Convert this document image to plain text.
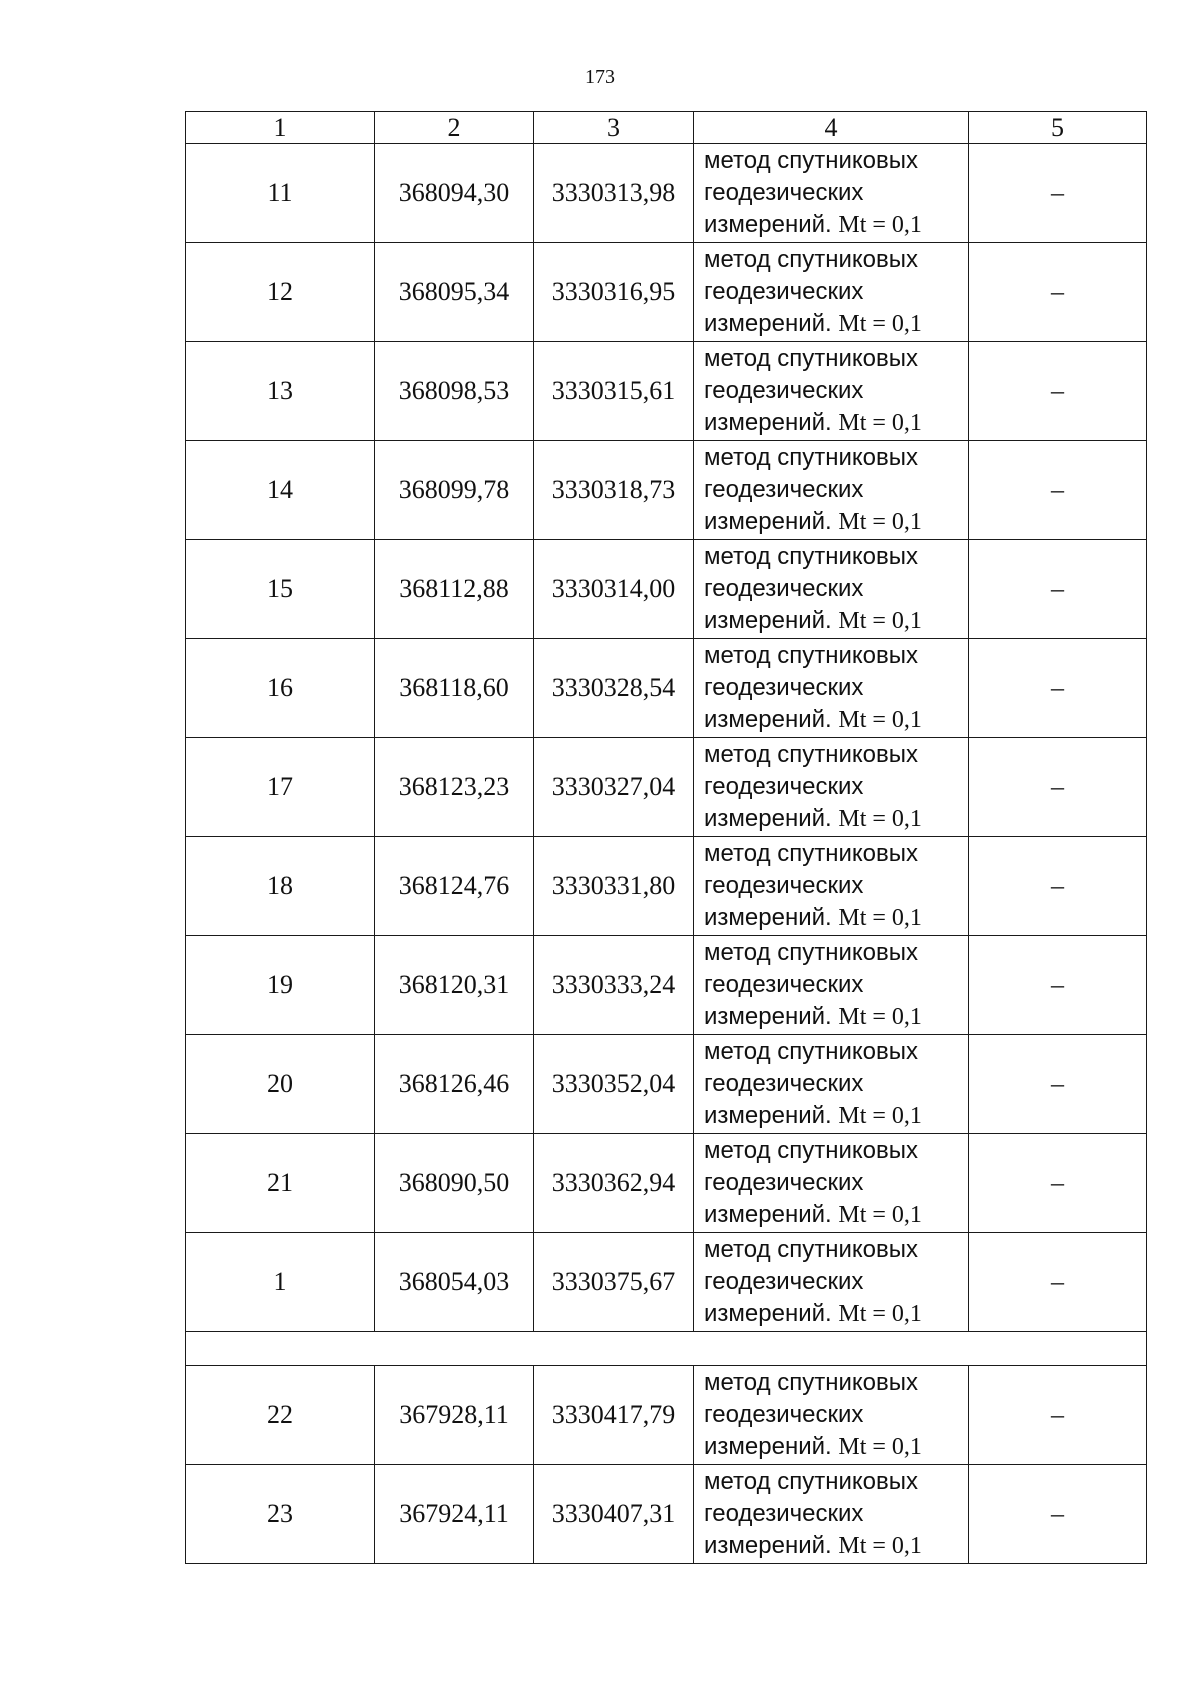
173
1	2	3	4	5
11	368094,30	3330313,98	метод спутниковых
геодезических
измерений. Mt = 0,1	–
12	368095,34	3330316,95	метод спутниковых
геодезических
измерений. Mt = 0,1	–
13	368098,53	3330315,61	метод спутниковых
геодезических
измерений. Mt = 0,1	–
14	368099,78	3330318,73	метод спутниковых
геодезических
измерений. Mt = 0,1	–
15	368112,88	3330314,00	метод спутниковых
геодезических
измерений. Mt = 0,1	–
16	368118,60	3330328,54	метод спутниковых
геодезических
измерений. Mt = 0,1	–
17	368123,23	3330327,04	метод спутниковых
геодезических
измерений. Mt = 0,1	–
18	368124,76	3330331,80	метод спутниковых
геодезических
измерений. Mt = 0,1	–
19	368120,31	3330333,24	метод спутниковых
геодезических
измерений. Mt = 0,1	–
20	368126,46	3330352,04	метод спутниковых
геодезических
измерений. Mt = 0,1	–
21	368090,50	3330362,94	метод спутниковых
геодезических
измерений. Mt = 0,1	–
1	368054,03	3330375,67	метод спутниковых
геодезических
измерений. Mt = 0,1	–

22	367928,11	3330417,79	метод спутниковых
геодезических
измерений. Mt = 0,1	–
23	367924,11	3330407,31	метод спутниковых
геодезических
измерений. Mt = 0,1	–
